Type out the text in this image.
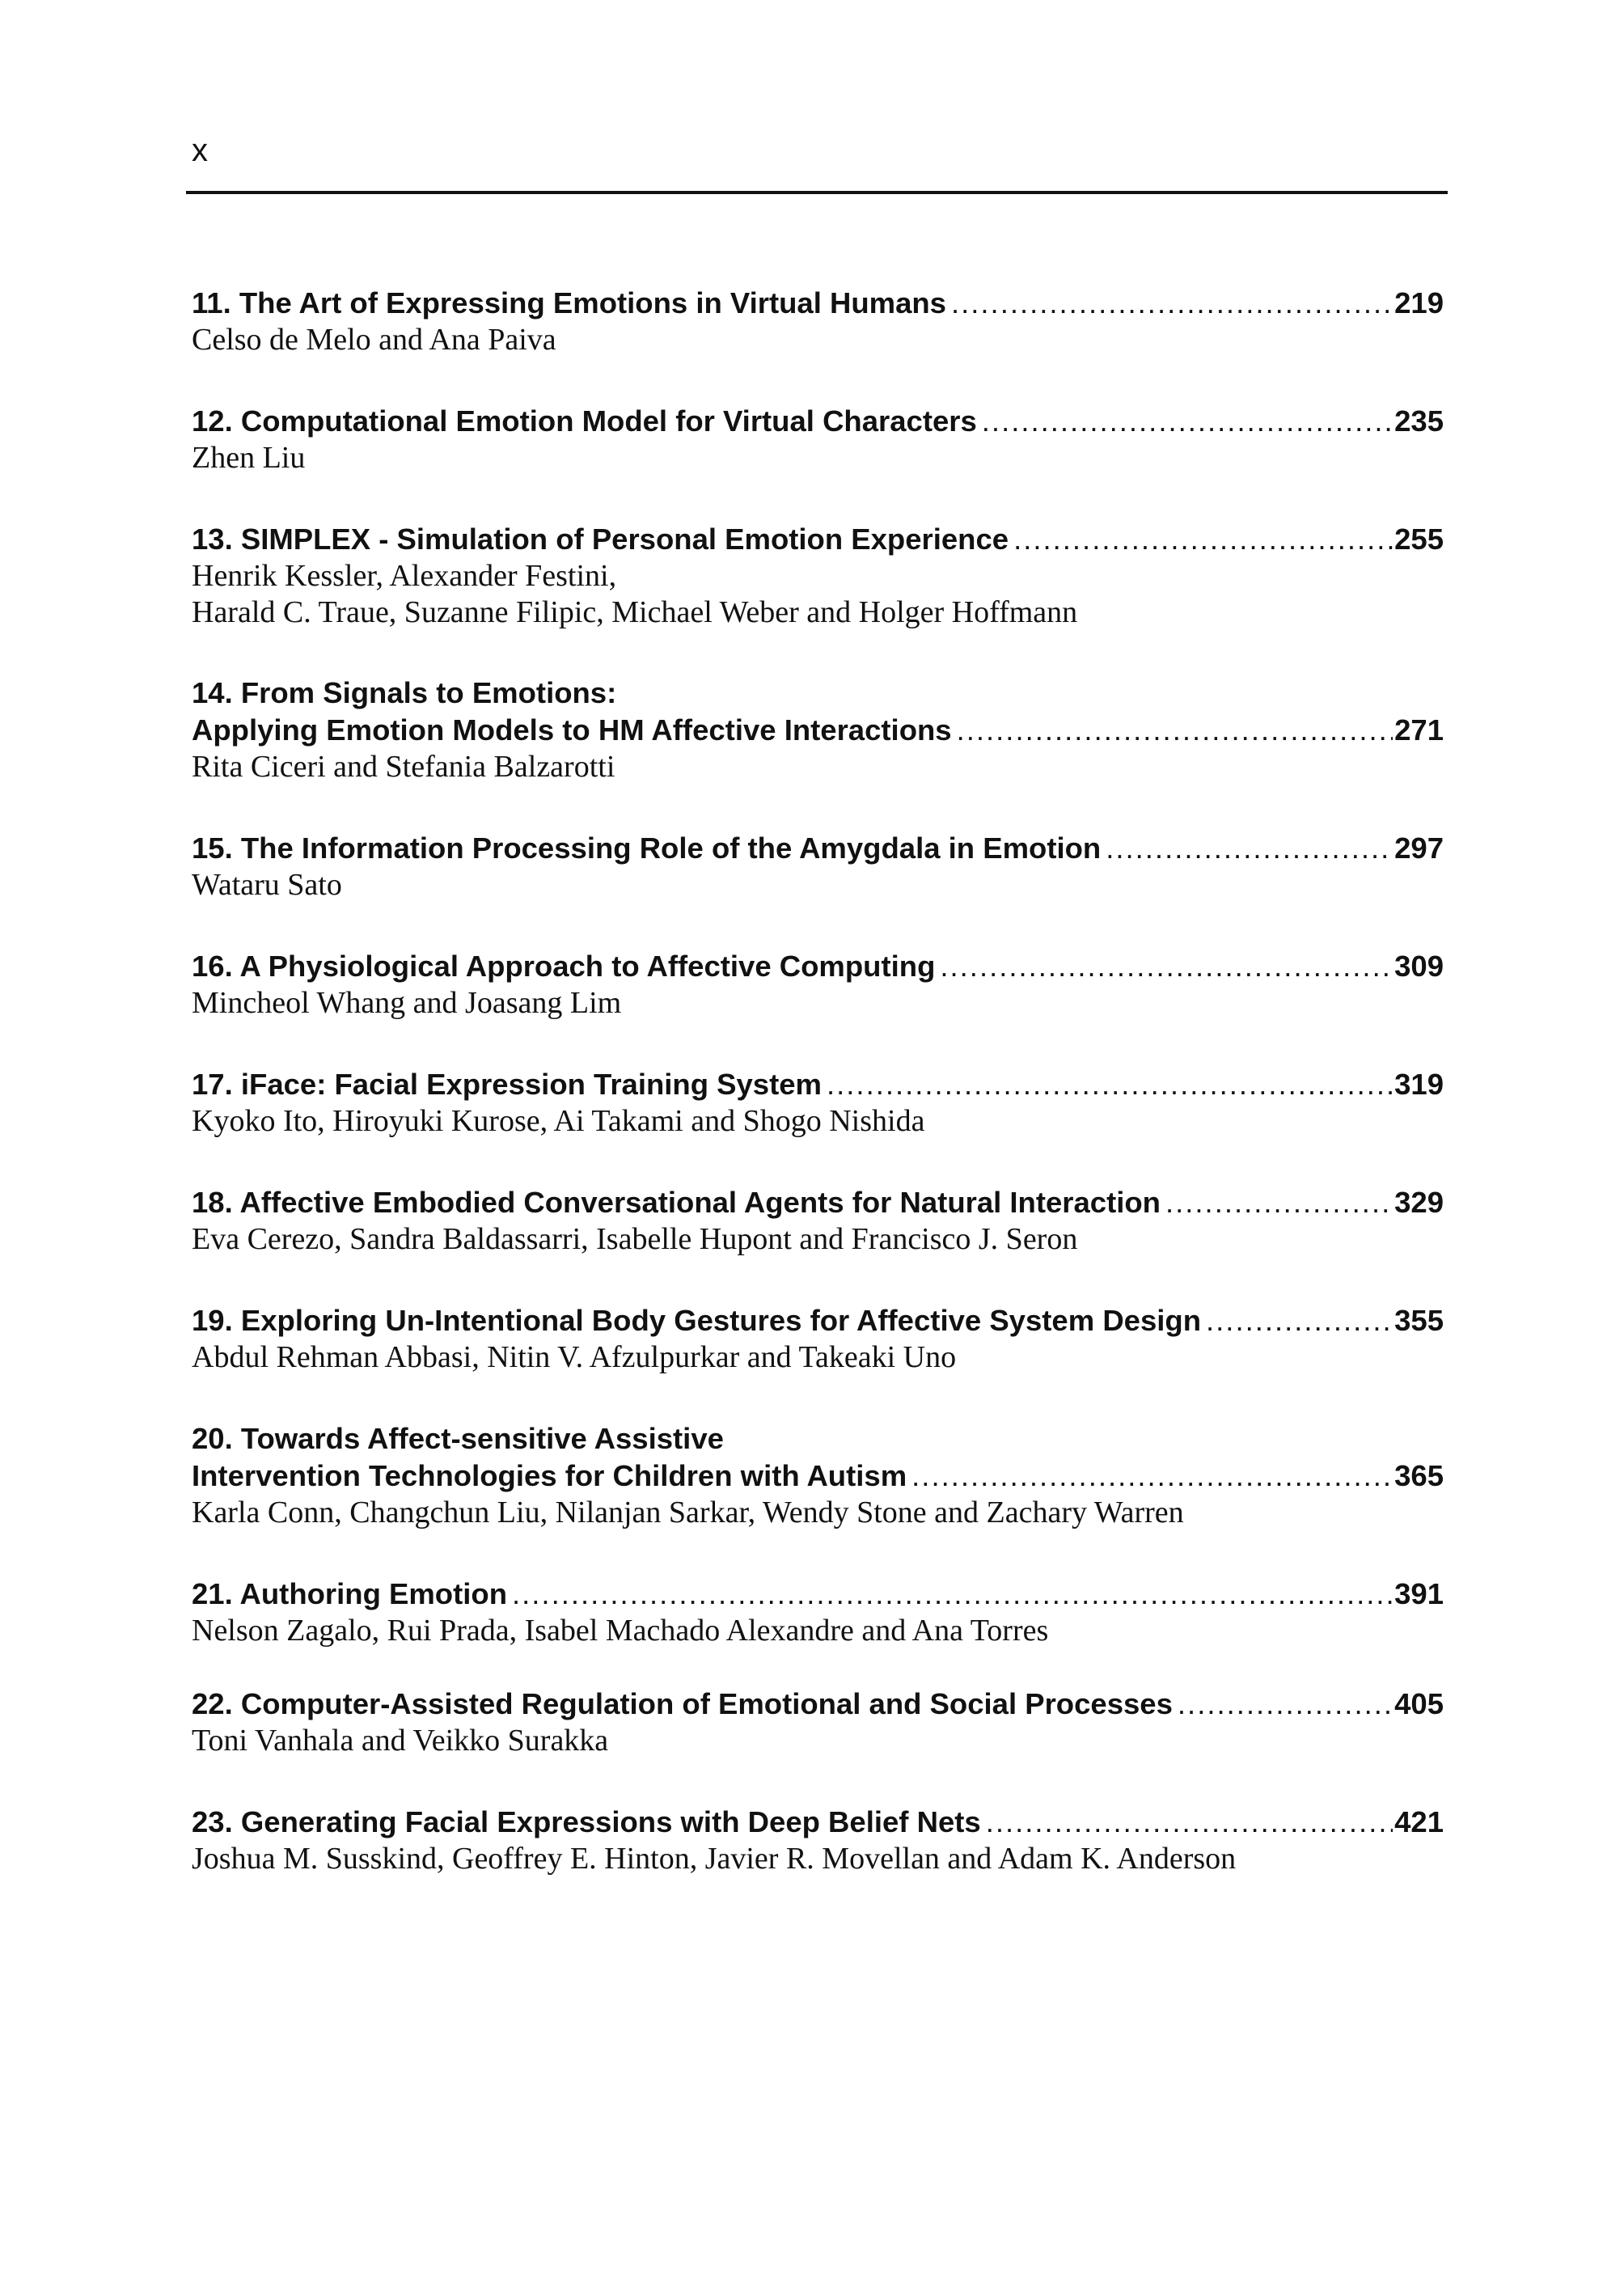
x
11. The Art of Expressing Emotions in Virtual Humans .....	219
Celso de Melo and Ana Paiva
12. Computational Emotion Model for Virtual Characters .....	235
Zhen Liu
13. SIMPLEX - Simulation of Personal Emotion Experience .....	255
Henrik Kessler, Alexander Festini,
Harald C. Traue, Suzanne Filipic, Michael Weber and Holger Hoffmann
14. From Signals to Emotions:
Applying Emotion Models to HM Affective Interactions .....	271
Rita Ciceri and Stefania Balzarotti
15. The Information Processing Role of the Amygdala in Emotion .....	297
Wataru Sato
16. A Physiological Approach to Affective Computing .....	309
Mincheol Whang and Joasang Lim
17. iFace: Facial Expression Training System .....	319
Kyoko Ito, Hiroyuki Kurose, Ai Takami and Shogo Nishida
18. Affective Embodied Conversational Agents for Natural Interaction .....	329
Eva Cerezo, Sandra Baldassarri, Isabelle Hupont and Francisco J. Seron
19. Exploring Un-Intentional Body Gestures for Affective System Design .....	355
Abdul Rehman Abbasi, Nitin V. Afzulpurkar and Takeaki Uno
20. Towards Affect-sensitive Assistive
Intervention Technologies for Children with Autism .....	365
Karla Conn, Changchun Liu, Nilanjan Sarkar, Wendy Stone and Zachary Warren
21. Authoring Emotion .....	391
Nelson Zagalo, Rui Prada, Isabel Machado Alexandre and Ana Torres
22. Computer-Assisted Regulation of Emotional and Social Processes .....	405
Toni Vanhala and Veikko Surakka
23. Generating Facial Expressions with Deep Belief Nets .....	421
Joshua M. Susskind, Geoffrey E. Hinton, Javier R. Movellan and Adam K. Anderson
